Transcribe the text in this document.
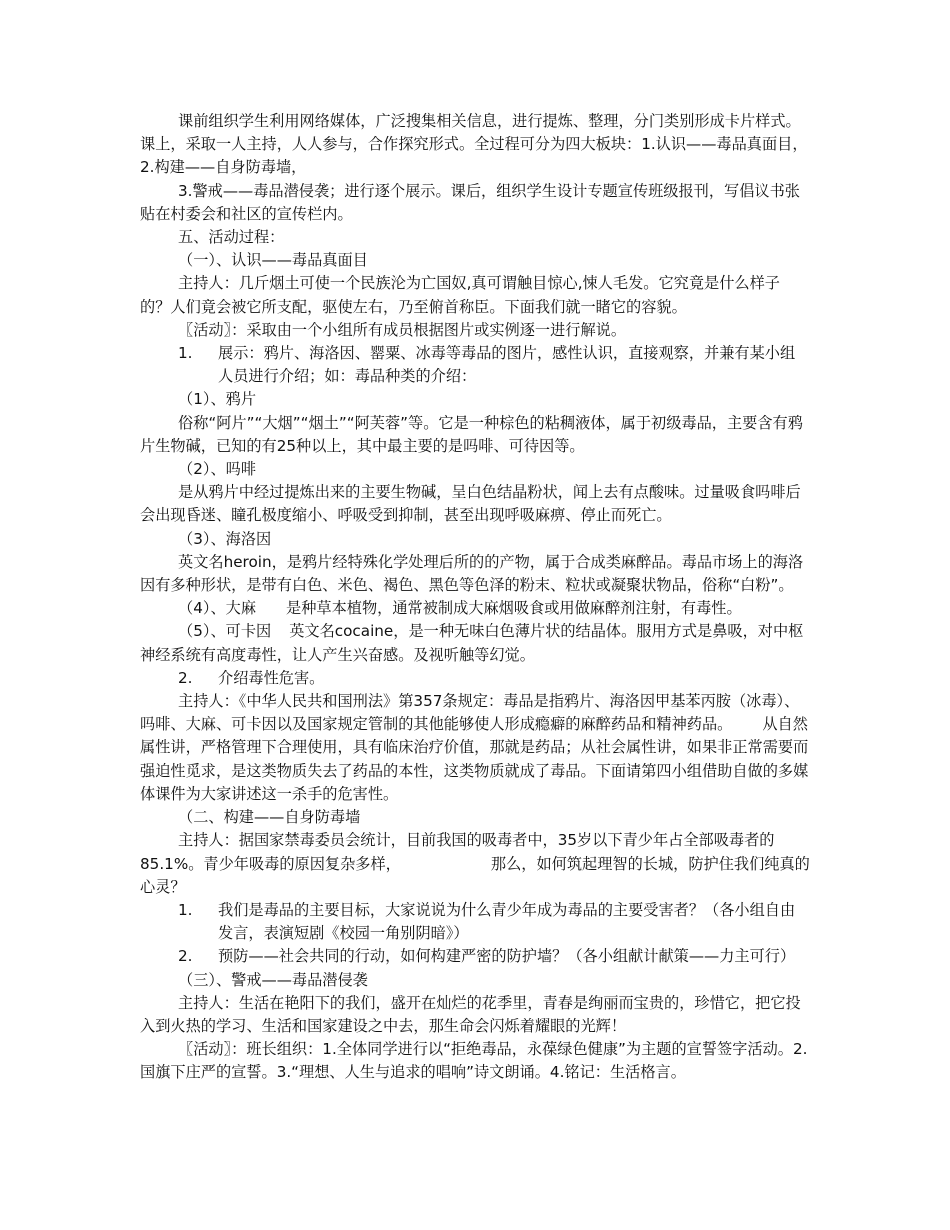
课前组织学生利用网络媒体，广泛搜集相关信息，进行提炼、整理，分门类别形成卡片样式。课上，采取一人主持，人人参与，合作探究形式。全过程可分为四大板块：1.认识——毒品真面目，2.构建——自身防毒墙，

3.警戒——毒品潜侵袭；进行逐个展示。课后，组织学生设计专题宣传班级报刊，写倡议书张贴在村委会和社区的宣传栏内。

五、活动过程：

（一）、认识——毒品真面目

主持人：几斤烟土可使一个民族沦为亡国奴,真可谓触目惊心,悚人毛发。它究竟是什么样子的？人们竟会被它所支配，驱使左右，乃至俯首称臣。下面我们就一睹它的容貌。

〖活动〗：采取由一个小组所有成员根据图片或实例逐一进行解说。

1. 展示：鸦片、海洛因、罂粟、冰毒等毒品的图片，感性认识，直接观察，并兼有某小组人员进行介绍；如：毒品种类的介绍：

（1）、鸦片

俗称“阿片”“大烟”“烟土”“阿芙蓉”等。它是一种棕色的粘稠液体，属于初级毒品，主要含有鸦片生物碱，已知的有25种以上，其中最主要的是吗啡、可待因等。

（2）、吗啡

是从鸦片中经过提炼出来的主要生物碱，呈白色结晶粉状，闻上去有点酸味。过量吸食吗啡后会出现昏迷、瞳孔极度缩小、呼吸受到抑制，甚至出现呼吸麻痹、停止而死亡。

（3）、海洛因

英文名heroin，是鸦片经特殊化学处理后所的的产物，属于合成类麻醉品。毒品市场上的海洛因有多种形状，是带有白色、米色、褐色、黑色等色泽的粉末、粒状或凝聚状物品，俗称“白粉”。

（4）、大麻 是种草本植物，通常被制成大麻烟吸食或用做麻醉剂注射，有毒性。

（5）、可卡因 英文名cocaine，是一种无味白色薄片状的结晶体。服用方式是鼻吸，对中枢神经系统有高度毒性，让人产生兴奋感。及视听触等幻觉。

2. 介绍毒性危害。

主持人：《中华人民共和国刑法》第357条规定：毒品是指鸦片、海洛因甲基苯丙胺（冰毒）、吗啡、大麻、可卡因以及国家规定管制的其他能够使人形成瘾癖的麻醉药品和精神药品。 从自然属性讲，严格管理下合理使用，具有临床治疗价值，那就是药品；从社会属性讲，如果非正常需要而强迫性觅求，是这类物质失去了药品的本性，这类物质就成了毒品。下面请第四小组借助自做的多媒体课件为大家讲述这一杀手的危害性。

（二、构建——自身防毒墙

主持人：据国家禁毒委员会统计，目前我国的吸毒者中，35岁以下青少年占全部吸毒者的85.1%。青少年吸毒的原因复杂多样，	那么，如何筑起理智的长城，防护住我们纯真的心灵？

1. 我们是毒品的主要目标，大家说说为什么青少年成为毒品的主要受害者？（各小组自由发言，表演短剧《校园一角别阴暗》）

2. 预防——社会共同的行动，如何构建严密的防护墙？（各小组献计献策——力主可行）

（三）、警戒——毒品潜侵袭

主持人：生活在艳阳下的我们，盛开在灿烂的花季里，青春是绚丽而宝贵的，珍惜它，把它投入到火热的学习、生活和国家建设之中去，那生命会闪烁着耀眼的光辉！

〖活动〗：班长组织：1.全体同学进行以“拒绝毒品，永葆绿色健康”为主题的宣誓签字活动。2.国旗下庄严的宣誓。3.“理想、人生与追求的唱响”诗文朗诵。4.铭记：生活格言。
